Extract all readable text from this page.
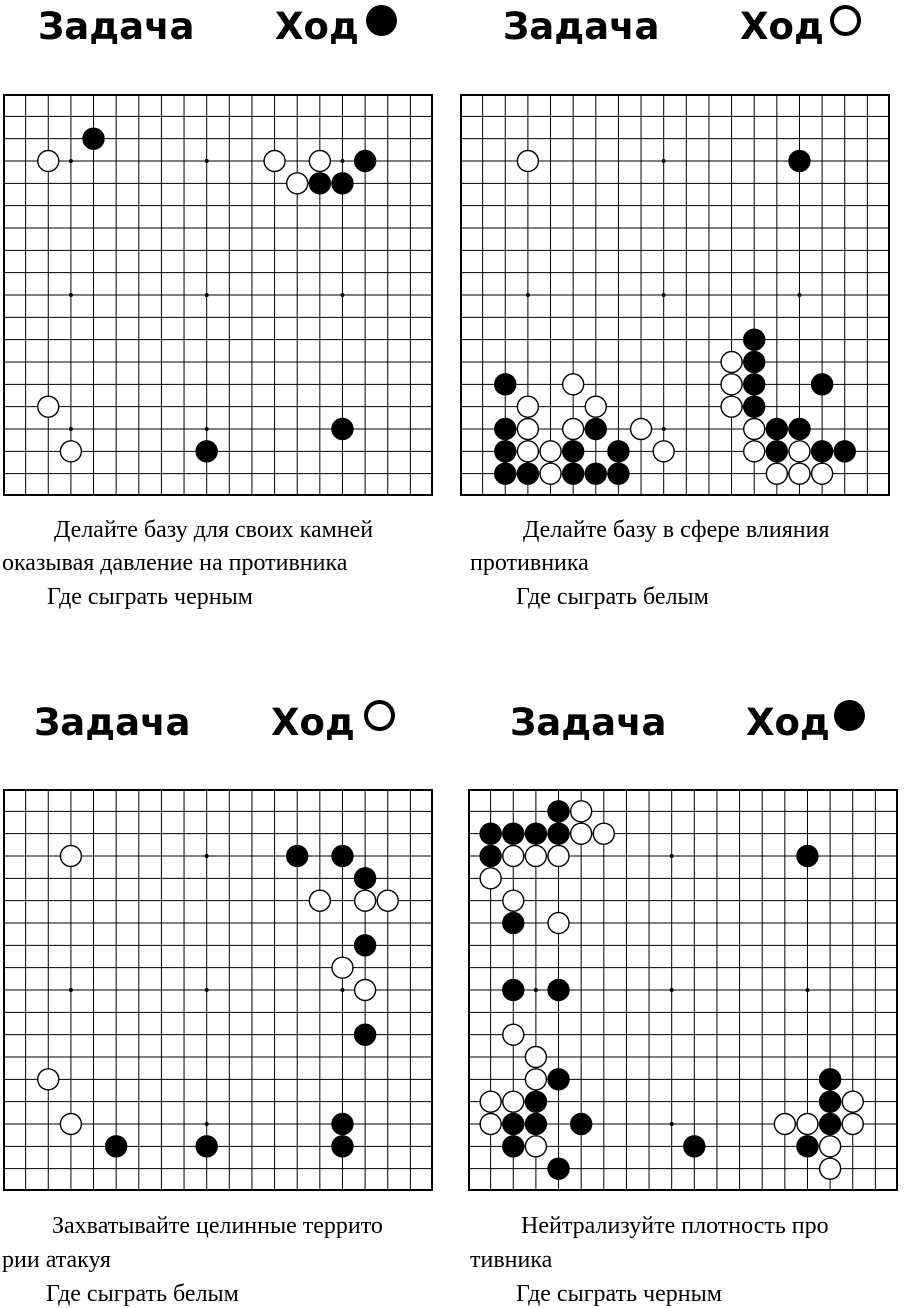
Задача Ход
Делайте базу для своих камней
оказывая давление на противника
Где сыграть черным
Задача Ход
Делайте базу в сфере влияния
противника
Где сыграть белым
Задача Ход
Захватывайте целинные террито
рии атакуя
Где сыграть белым
Задача Ход
Нейтрализуйте плотность про
тивника
Где сыграть черным
